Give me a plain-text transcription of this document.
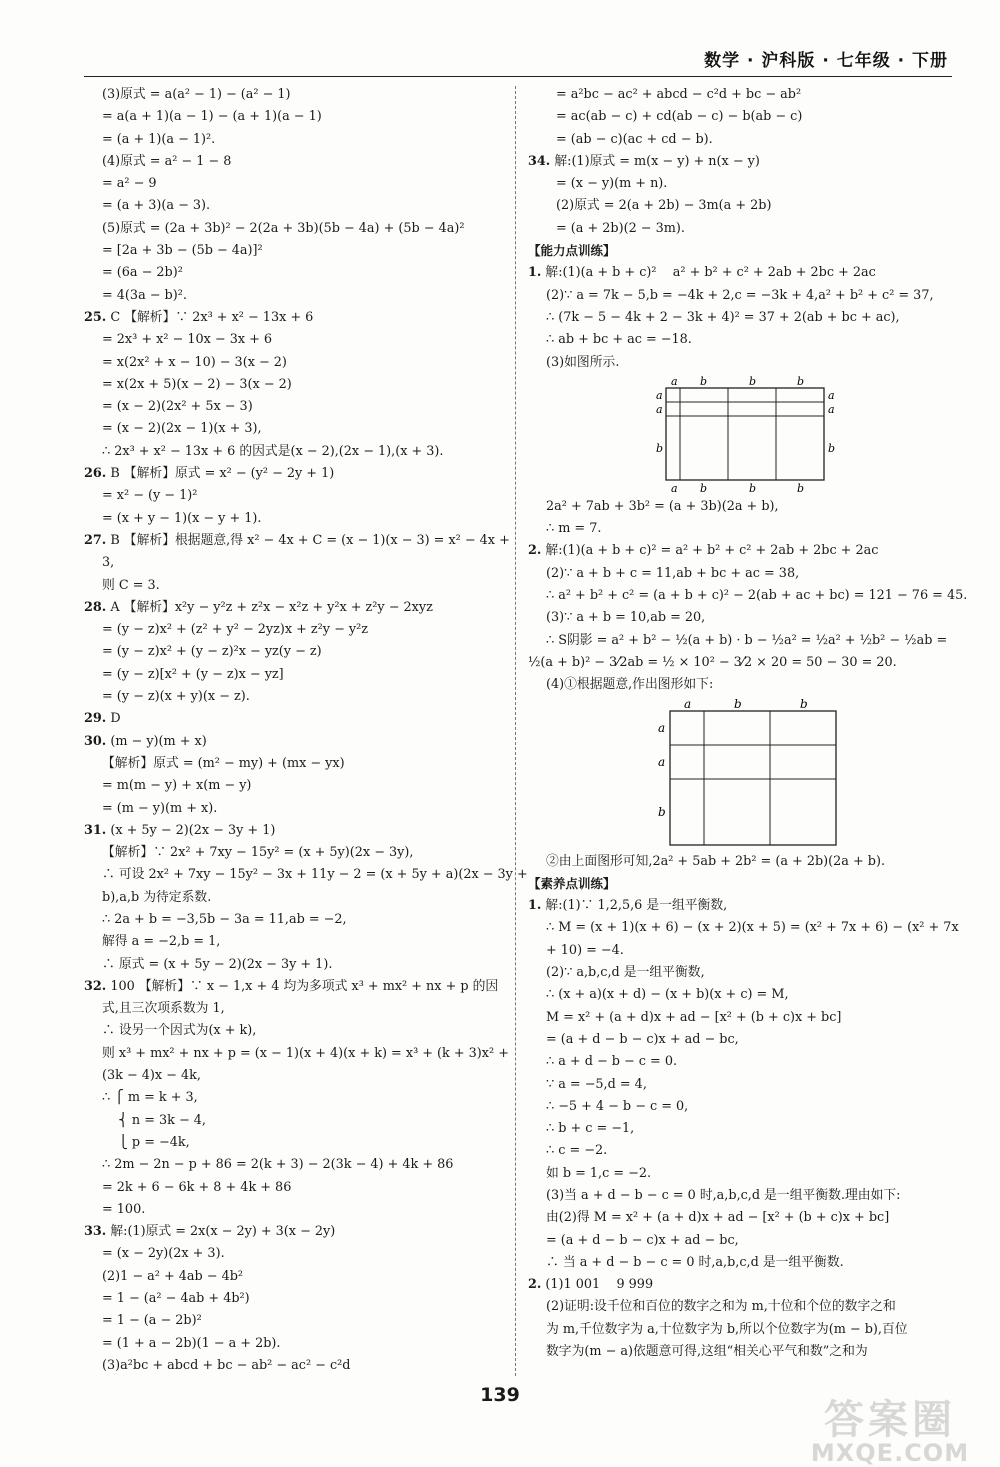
数学 · 沪科版 · 七年级 · 下册
(3)原式 = a(a² − 1) − (a² − 1)
= a(a + 1)(a − 1) − (a + 1)(a − 1)
= (a + 1)(a − 1)².
(4)原式 = a² − 1 − 8
= a² − 9
= (a + 3)(a − 3).
(5)原式 = (2a + 3b)² − 2(2a + 3b)(5b − 4a) + (5b − 4a)²
= [2a + 3b − (5b − 4a)]²
= (6a − 2b)²
= 4(3a − b)².
25. C 【解析】∵ 2x³ + x² − 13x + 6
= 2x³ + x² − 10x − 3x + 6
= x(2x² + x − 10) − 3(x − 2)
= x(2x + 5)(x − 2) − 3(x − 2)
= (x − 2)(2x² + 5x − 3)
= (x − 2)(2x − 1)(x + 3),
∴ 2x³ + x² − 13x + 6 的因式是(x − 2),(2x − 1),(x + 3).
26. B 【解析】原式 = x² − (y² − 2y + 1)
= x² − (y − 1)²
= (x + y − 1)(x − y + 1).
27. B 【解析】根据题意,得 x² − 4x + C = (x − 1)(x − 3) = x² − 4x +
3,
则 C = 3.
28. A 【解析】x²y − y²z + z²x − x²z + y²x + z²y − 2xyz
= (y − z)x² + (z² + y² − 2yz)x + z²y − y²z
= (y − z)x² + (y − z)²x − yz(y − z)
= (y − z)[x² + (y − z)x − yz]
= (y − z)(x + y)(x − z).
29. D
30. (m − y)(m + x)
【解析】原式 = (m² − my) + (mx − yx)
= m(m − y) + x(m − y)
= (m − y)(m + x).
31. (x + 5y − 2)(2x − 3y + 1)
【解析】∵ 2x² + 7xy − 15y² = (x + 5y)(2x − 3y),
∴ 可设 2x² + 7xy − 15y² − 3x + 11y − 2 = (x + 5y + a)(2x − 3y +
b),a,b 为待定系数.
∴ 2a + b = −3,5b − 3a = 11,ab = −2,
解得 a = −2,b = 1,
∴ 原式 = (x + 5y − 2)(2x − 3y + 1).
32. 100 【解析】∵ x − 1,x + 4 均为多项式 x³ + mx² + nx + p 的因
式,且三次项系数为 1,
∴ 设另一个因式为(x + k),
则 x³ + mx² + nx + p = (x − 1)(x + 4)(x + k) = x³ + (k + 3)x² +
(3k − 4)x − 4k,
∴ ⎧ m = k + 3,
⎨ n = 3k − 4,
⎩ p = −4k,
∴ 2m − 2n − p + 86 = 2(k + 3) − 2(3k − 4) + 4k + 86
= 2k + 6 − 6k + 8 + 4k + 86
= 100.
33. 解:(1)原式 = 2x(x − 2y) + 3(x − 2y)
= (x − 2y)(2x + 3).
(2)1 − a² + 4ab − 4b²
= 1 − (a² − 4ab + 4b²)
= 1 − (a − 2b)²
= (1 + a − 2b)(1 − a + 2b).
(3)a²bc + abcd + bc − ab² − ac² − c²d
= a²bc − ac² + abcd − c²d + bc − ab²
= ac(ab − c) + cd(ab − c) − b(ab − c)
= (ab − c)(ac + cd − b).
34. 解:(1)原式 = m(x − y) + n(x − y)
= (x − y)(m + n).
(2)原式 = 2(a + 2b) − 3m(a + 2b)
= (a + 2b)(2 − 3m).
【能力点训练】
1. 解:(1)(a + b + c)²    a² + b² + c² + 2ab + 2bc + 2ac
(2)∵ a = 7k − 5,b = −4k + 2,c = −3k + 4,a² + b² + c² = 37,
∴ (7k − 5 − 4k + 2 − 3k + 4)² = 37 + 2(ab + bc + ac),
∴ ab + bc + ac = −18.
(3)如图所示.
a b	b	b
a
a
b
a
a
b
a b	b	b
2a² + 7ab + 3b² = (a + 3b)(2a + b),
∴ m = 7.
2. 解:(1)(a + b + c)² = a² + b² + c² + 2ab + 2bc + 2ac
(2)∵ a + b + c = 11,ab + bc + ac = 38,
∴ a² + b² + c² = (a + b + c)² − 2(ab + ac + bc) = 121 − 76 = 45.
(3)∵ a + b = 10,ab = 20,
∴ S阴影 = a² + b² − ½(a + b) · b − ½a² = ½a² + ½b² − ½ab =
½(a + b)² − 3⁄2ab = ½ × 10² − 3⁄2 × 20 = 50 − 30 = 20.
(4)①根据题意,作出图形如下:
a	b	b
a
a
b
②由上面图形可知,2a² + 5ab + 2b² = (a + 2b)(2a + b).
【素养点训练】
1. 解:(1)∵ 1,2,5,6 是一组平衡数,
∴ M = (x + 1)(x + 6) − (x + 2)(x + 5) = (x² + 7x + 6) − (x² + 7x
+ 10) = −4.
(2)∵ a,b,c,d 是一组平衡数,
∴ (x + a)(x + d) − (x + b)(x + c) = M,
M = x² + (a + d)x + ad − [x² + (b + c)x + bc]
= (a + d − b − c)x + ad − bc,
∴ a + d − b − c = 0.
∵ a = −5,d = 4,
∴ −5 + 4 − b − c = 0,
∴ b + c = −1,
∴ c = −2.
如 b = 1,c = −2.
(3)当 a + d − b − c = 0 时,a,b,c,d 是一组平衡数.理由如下:
由(2)得 M = x² + (a + d)x + ad − [x² + (b + c)x + bc]
= (a + d − b − c)x + ad − bc,
∴ 当 a + d − b − c = 0 时,a,b,c,d 是一组平衡数.
2. (1)1 001    9 999
(2)证明:设千位和百位的数字之和为 m,十位和个位的数字之和
为 m,千位数字为 a,十位数字为 b,所以个位数字为(m − b),百位
数字为(m − a)依题意可得,这组“相关心平气和数”之和为
139
答案圈
MXQE.COM
